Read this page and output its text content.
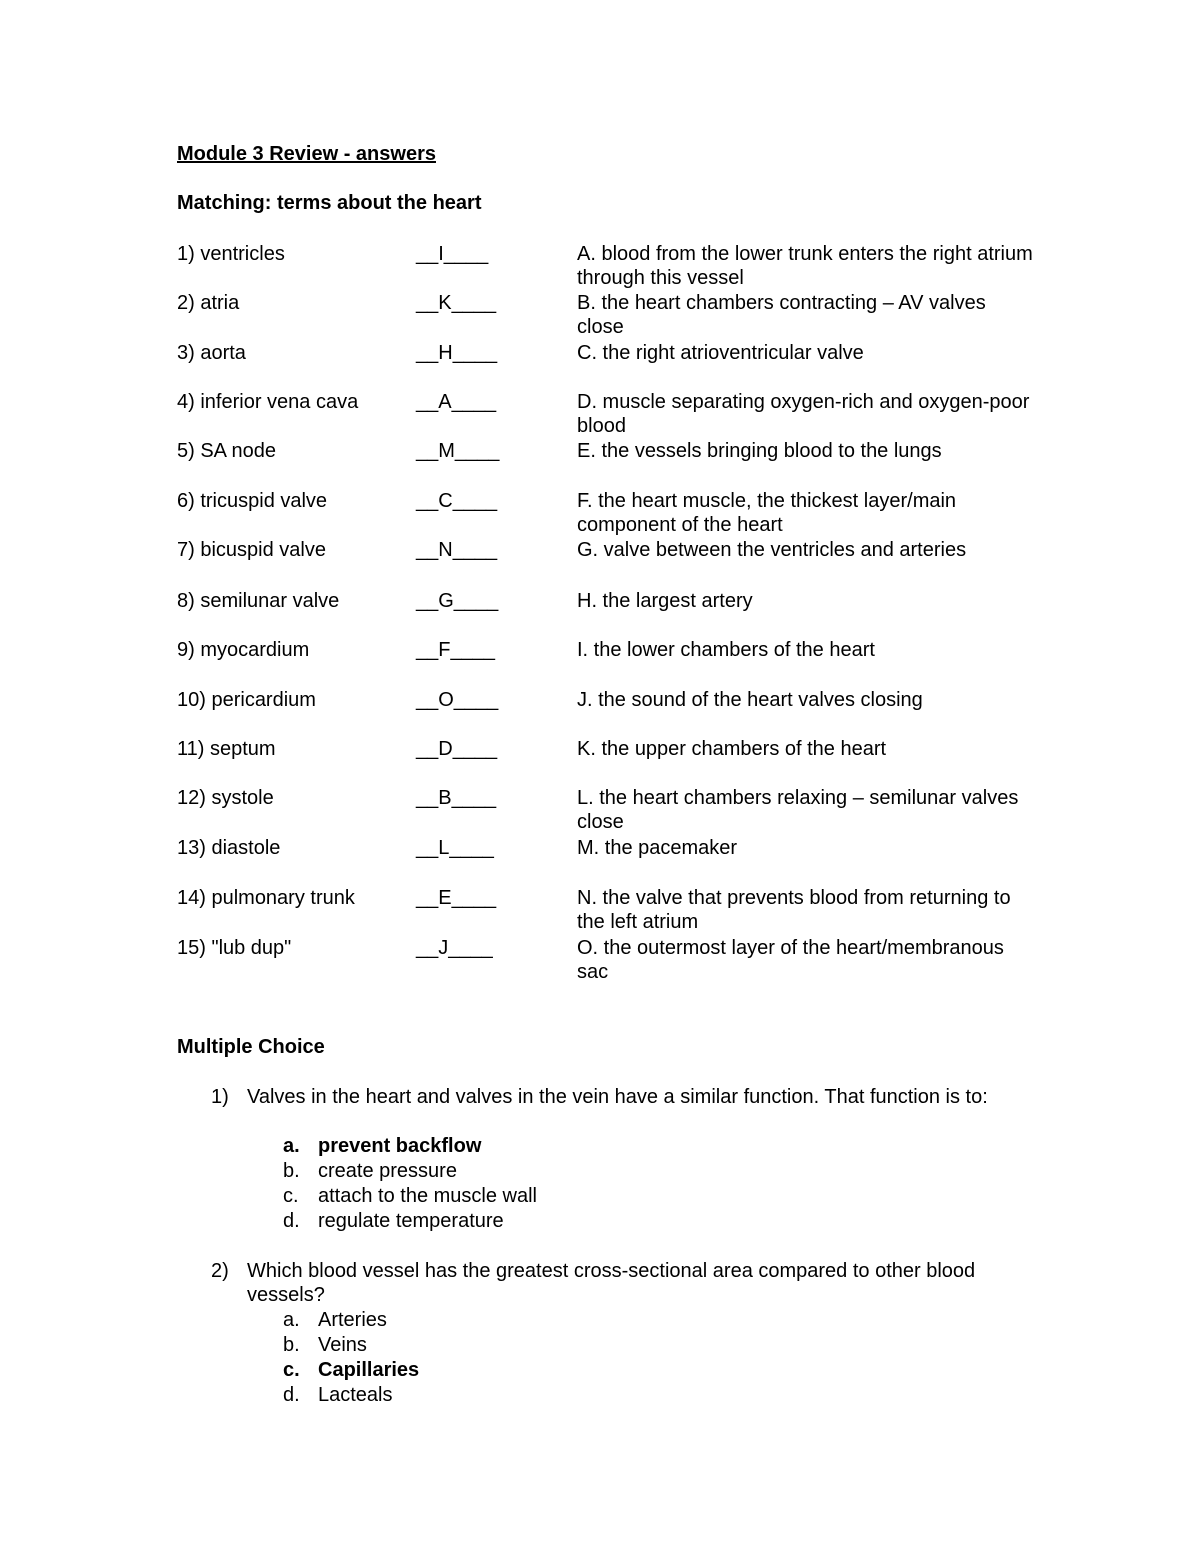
Module 3 Review - answers
Matching: terms about the heart
1) ventricles	__I____	A. blood from the lower trunk enters the right atrium through this vessel
2) atria	__K____	B. the heart chambers contracting – AV valves close
3) aorta	__H____	C. the right atrioventricular valve
4) inferior vena cava	__A____	D. muscle separating oxygen-rich and oxygen-poor blood
5) SA node	__M____	E. the vessels bringing blood to the lungs
6) tricuspid valve	__C____	F. the heart muscle, the thickest layer/main component of the heart
7) bicuspid valve	__N____	G. valve between the ventricles and arteries
8) semilunar valve	__G____	H. the largest artery
9) myocardium	__F____	I. the lower chambers of the heart
10) pericardium	__O____	J. the sound of the heart valves closing
11) septum	__D____	K. the upper chambers of the heart
12) systole	__B____	L. the heart chambers relaxing – semilunar valves close
13) diastole	__L____	M. the pacemaker
14) pulmonary trunk	__E____	N. the valve that prevents blood from returning to the left atrium
15) "lub dup"	__J____	O. the outermost layer of the heart/membranous sac
Multiple Choice
1) Valves in the heart and valves in the vein have a similar function. That function is to:
a. prevent backflow
b. create pressure
c. attach to the muscle wall
d. regulate temperature
2) Which blood vessel has the greatest cross-sectional area compared to other blood vessels?
a. Arteries
b. Veins
c. Capillaries
d. Lacteals
